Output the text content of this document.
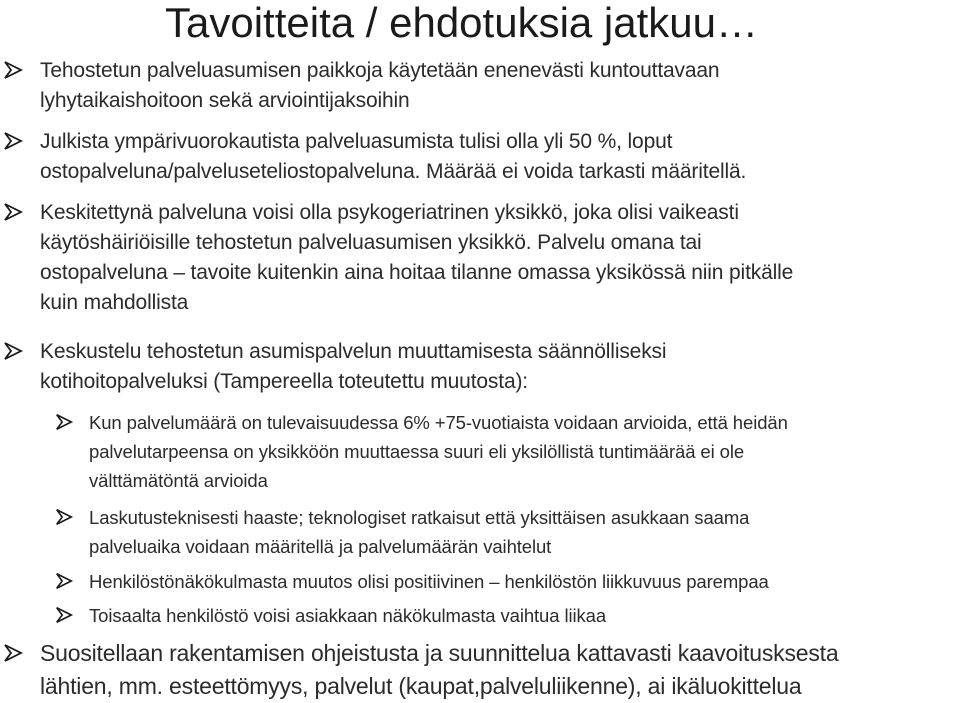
Tavoitteita / ehdotuksia jatkuu…
Tehostetun palveluasumisen paikkoja käytetään enenevästi kuntouttavaan
lyhytaikaishoitoon sekä arviointijaksoihin
Julkista ympärivuorokautista palveluasumista tulisi olla yli 50 %, loput
ostopalveluna/palveluseteliostopalveluna. Määrää ei voida tarkasti määritellä.
Keskitettynä palveluna voisi olla psykogeriatrinen yksikkö, joka olisi vaikeasti
käytöshäiriöisille tehostetun palveluasumisen yksikkö. Palvelu omana tai
ostopalveluna – tavoite kuitenkin aina hoitaa tilanne omassa yksikössä niin pitkälle
kuin mahdollista
Keskustelu tehostetun asumispalvelun muuttamisesta säännölliseksi
kotihoitopalveluksi (Tampereella toteutettu muutosta):
Kun palvelumäärä on tulevaisuudessa 6% +75-vuotiaista voidaan arvioida, että heidän
palvelutarpeensa on yksikköön muuttaessa suuri eli yksilöllistä tuntimäärää ei ole
välttämätöntä arvioida
Laskutusteknisesti haaste; teknologiset ratkaisut että yksittäisen asukkaan saama
palveluaika voidaan määritellä ja palvelumäärän vaihtelut
Henkilöstönäkökulmasta muutos olisi positiivinen – henkilöstön liikkuvuus parempaa
Toisaalta henkilöstö voisi asiakkaan näkökulmasta vaihtua liikaa
Suositellaan rakentamisen ohjeistusta ja suunnittelua kattavasti kaavoitusksesta
lähtien, mm. esteettömyys, palvelut (kaupat,palveluliikenne), ai ikäluokittelua
